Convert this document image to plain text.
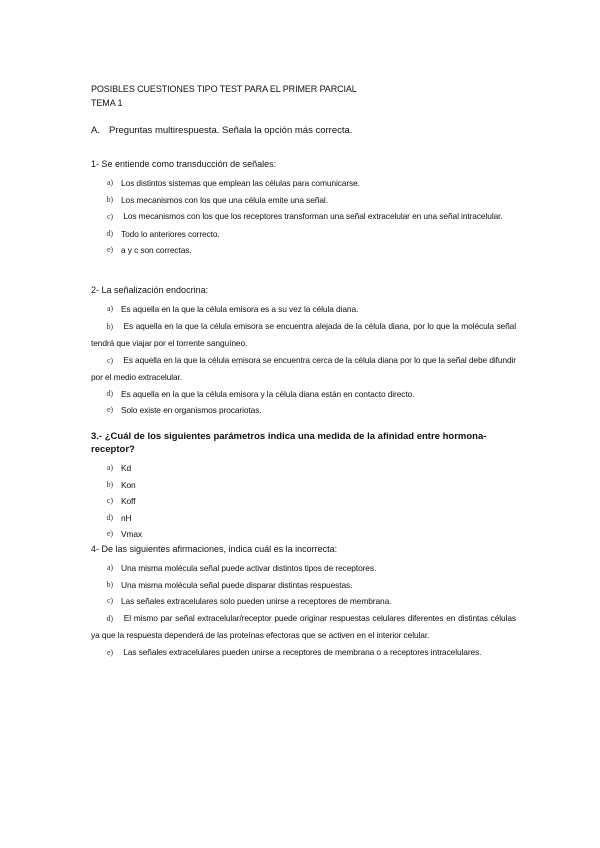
POSIBLES CUESTIONES TIPO TEST PARA EL PRIMER PARCIAL
TEMA 1
A. Preguntas multirespuesta. Señala la opción más correcta.
1- Se entiende como transducción de señales:
a) Los distintos sistemas que emplean las células para comunicarse.
b) Los mecanismos con los que una célula emite una señal.
c) Los mecanismos con los que los receptores transforman una señal extracelular en una señal intracelular.
d) Todo lo anteriores correcto.
e) a y c son correctas.
2- La señalización endocrina:
a) Es aquella en la que la célula emisora es a su vez la célula diana.
b) Es aquella en la que la célula emisora se encuentra alejada de la célula diana, por lo que la molécula señal tendrá que viajar por el torrente sanguíneo.
c) Es aquella en la que la célula emisora se encuentra cerca de la célula diana por lo que la señal debe difundir por el medio extracelular.
d) Es aquella en la que la célula emisora y la célula diana están en contacto directo.
e) Solo existe en organismos procariotas.
3.- ¿Cuál de los siguientes parámetros indica una medida de la afinidad entre hormona-receptor?
a) Kd
b) Kon
c) Koff
d) nH
e) Vmax
4- De las siguientes afirmaciones, indica cuál es la incorrecta:
a) Una misma molécula señal puede activar distintos tipos de receptores.
b) Una misma molécula señal puede disparar distintas respuestas.
c) Las señales extracelulares solo pueden unirse a receptores de membrana.
d) El mismo par señal extracelular/receptor puede originar respuestas celulares diferentes en distintas células ya que la respuesta dependerá de las proteínas efectoras que se activen en el interior celular.
e) Las señales extracelulares pueden unirse a receptores de membrana o a receptores intracelulares.
